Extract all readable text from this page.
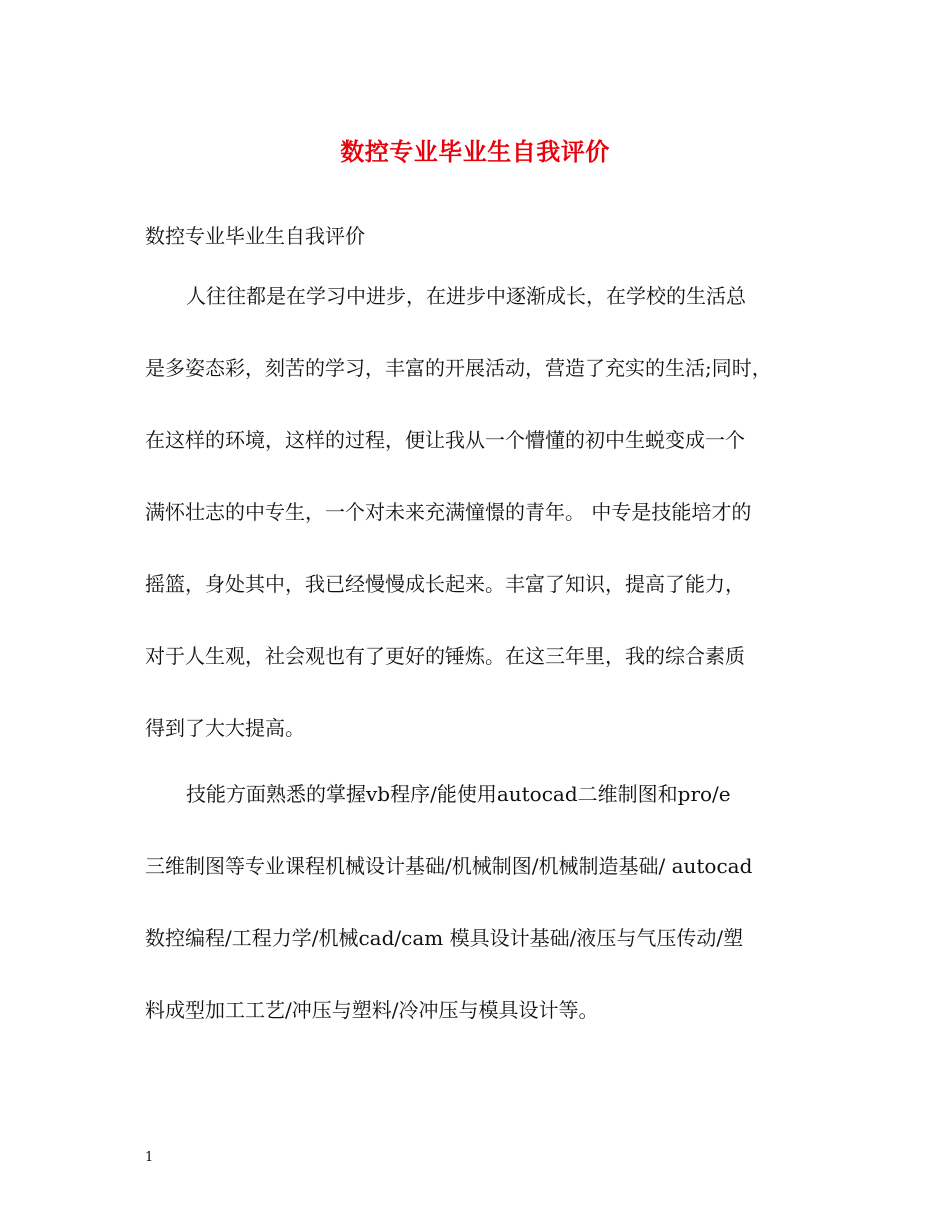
数控专业毕业生自我评价
数控专业毕业生自我评价
人往往都是在学习中进步，在进步中逐渐成长，在学校的生活总
是多姿态彩，刻苦的学习，丰富的开展活动，营造了充实的生活;同时，
在这样的环境，这样的过程，便让我从一个懵懂的初中生蜕变成一个
满怀壮志的中专生，一个对未来充满憧憬的青年。 中专是技能培才的
摇篮，身处其中，我已经慢慢成长起来。丰富了知识，提高了能力，
对于人生观，社会观也有了更好的锤炼。在这三年里，我的综合素质
得到了大大提高。
技能方面熟悉的掌握vb程序/能使用autocad二维制图和pro/e
三维制图等专业课程机械设计基础/机械制图/机械制造基础/ autocad
数控编程/工程力学/机械cad/cam 模具设计基础/液压与气压传动/塑
料成型加工工艺/冲压与塑料/冷冲压与模具设计等。
1
